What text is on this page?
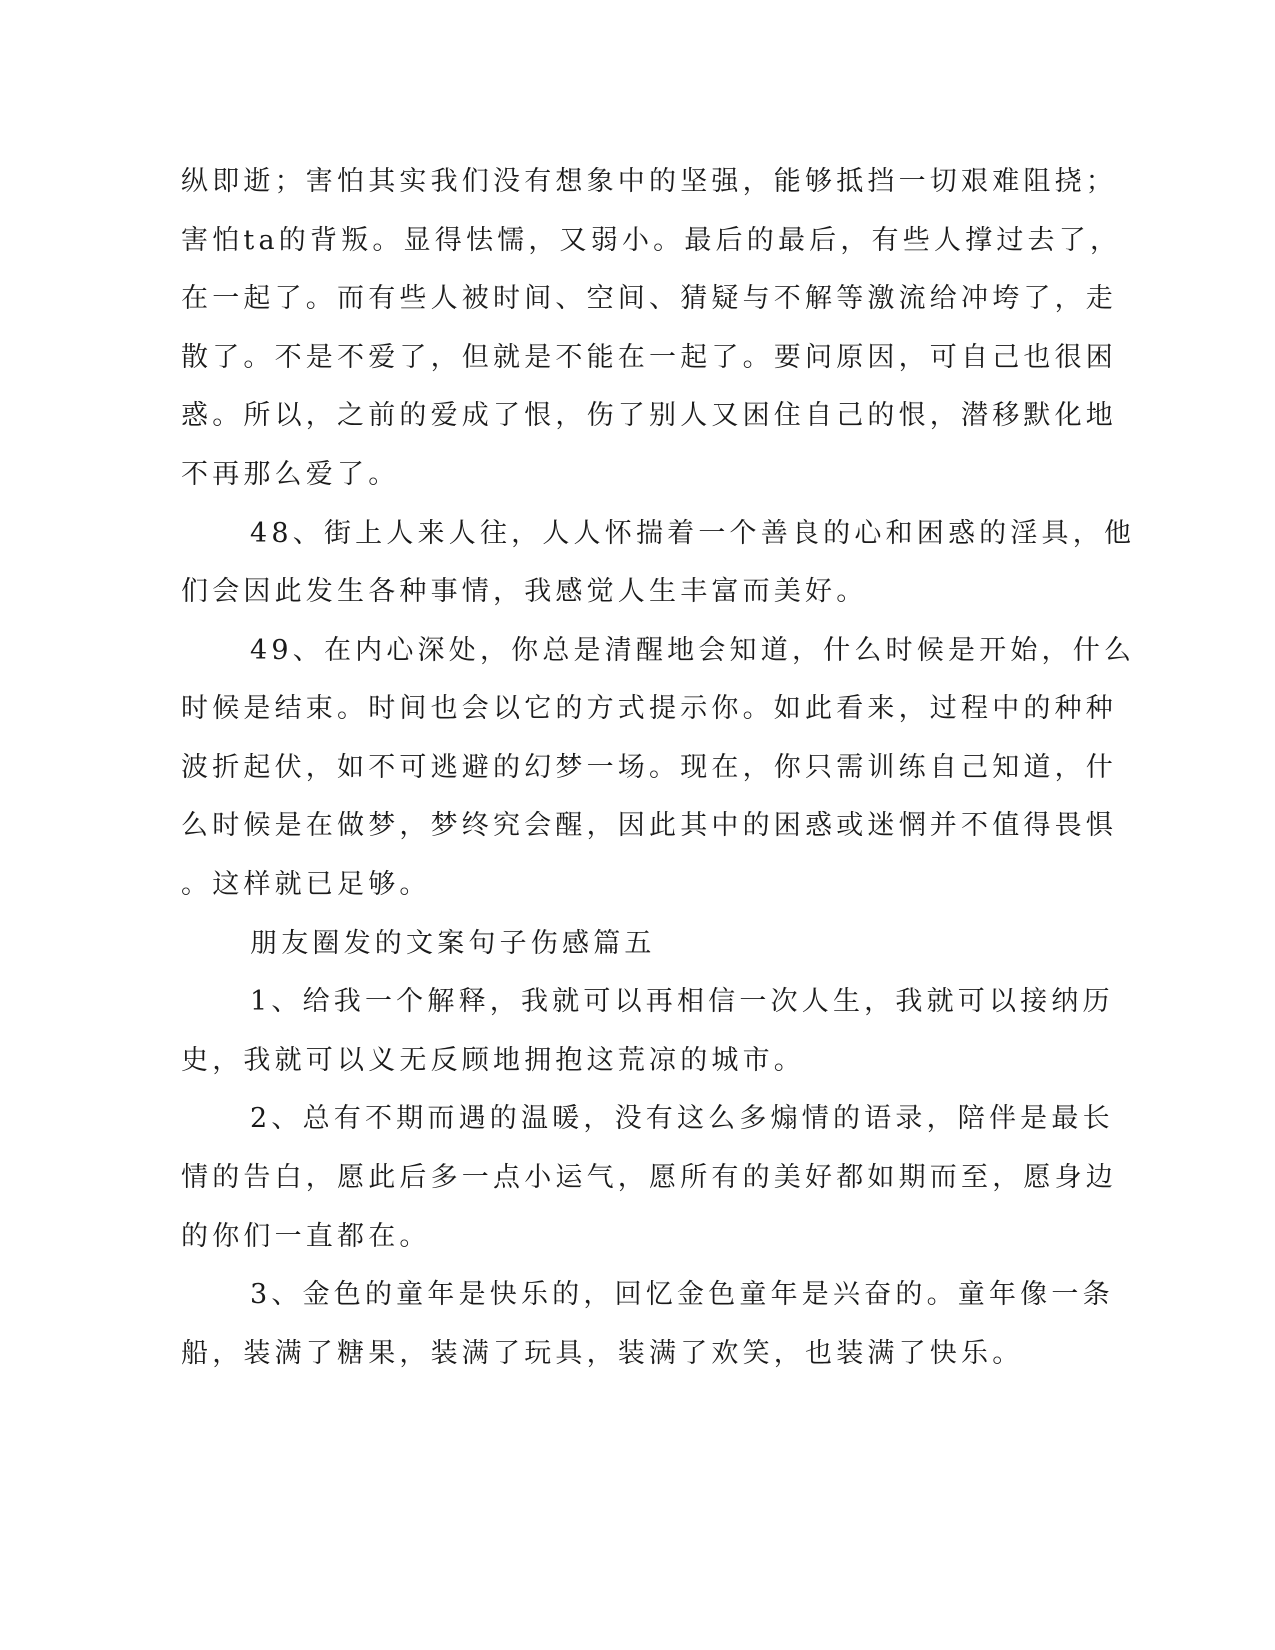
纵即逝；害怕其实我们没有想象中的坚强，能够抵挡一切艰难阻挠；
害怕ta的背叛。显得怯懦，又弱小。最后的最后，有些人撑过去了，
在一起了。而有些人被时间、空间、猜疑与不解等激流给冲垮了，走
散了。不是不爱了，但就是不能在一起了。要问原因，可自己也很困
惑。所以，之前的爱成了恨，伤了别人又困住自己的恨，潜移默化地
不再那么爱了。
48、街上人来人往，人人怀揣着一个善良的心和困惑的淫具，他
们会因此发生各种事情，我感觉人生丰富而美好。
49、在内心深处，你总是清醒地会知道，什么时候是开始，什么
时候是结束。时间也会以它的方式提示你。如此看来，过程中的种种
波折起伏，如不可逃避的幻梦一场。现在，你只需训练自己知道，什
么时候是在做梦，梦终究会醒，因此其中的困惑或迷惘并不值得畏惧
。这样就已足够。
朋友圈发的文案句子伤感篇五
1、给我一个解释，我就可以再相信一次人生，我就可以接纳历
史，我就可以义无反顾地拥抱这荒凉的城市。
2、总有不期而遇的温暖，没有这么多煽情的语录，陪伴是最长
情的告白，愿此后多一点小运气，愿所有的美好都如期而至，愿身边
的你们一直都在。
3、金色的童年是快乐的，回忆金色童年是兴奋的。童年像一条
船，装满了糖果，装满了玩具，装满了欢笑，也装满了快乐。
